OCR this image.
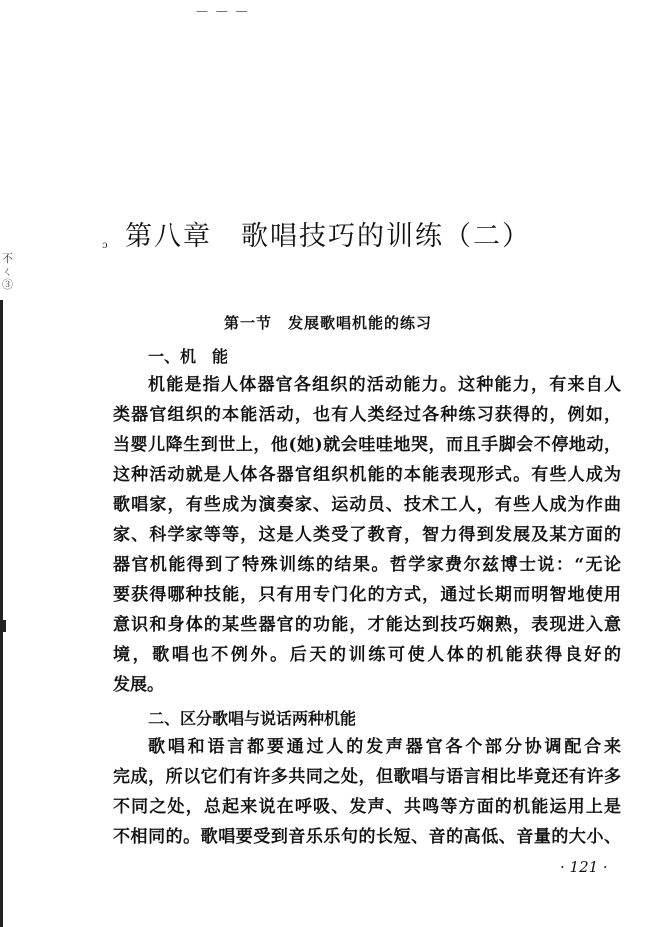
— — —
不 ㄑ ③
ɔ 第八章　歌唱技巧的训练（二）
第一节　发展歌唱机能的练习
一、机　能
机能是指人体器官各组织的活动能力。这种能力，有来自人
类器官组织的本能活动，也有人类经过各种练习获得的，例如，
当婴儿降生到世上，他(她)就会哇哇地哭，而且手脚会不停地动，
这种活动就是人体各器官组织机能的本能表现形式。有些人成为
歌唱家，有些成为演奏家、运动员、技术工人，有些人成为作曲
家、科学家等等，这是人类受了教育，智力得到发展及某方面的
器官机能得到了特殊训练的结果。哲学家费尔兹博士说：“无论
要获得哪种技能，只有用专门化的方式，通过长期而明智地使用
意识和身体的某些器官的功能，才能达到技巧娴熟，表现进入意
境，歌唱也不例外。后天的训练可使人体的机能获得良好的
发展。
二、区分歌唱与说话两种机能
歌唱和语言都要通过人的发声器官各个部分协调配合来
完成，所以它们有许多共同之处，但歌唱与语言相比毕竟还有许多
不同之处，总起来说在呼吸、发声、共鸣等方面的机能运用上是
不相同的。歌唱要受到音乐乐句的长短、音的高低、音量的大小、
· 121 ·
